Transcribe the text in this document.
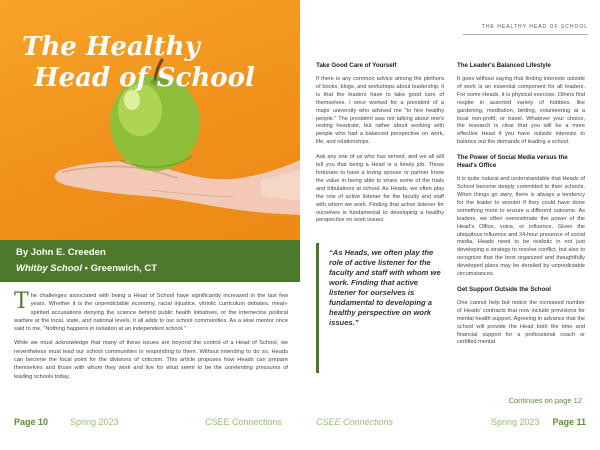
The Healthy
Head of School
By John E. Creeden
Whitby School • Greenwich, CT

The challenges associated with being a Head of School have significantly increased in the last few years. Whether it is the unpredictable economy, racial injustice, vitriolic curriculum debates, mean-spirited accusations denying the science behind public health initiatives, or the intemecine political warfare at the local, state, and national levels, it all adds to our school communities. As a wise mentor once said to me, "Nothing happens in isolation at an independent school."

While we must acknowledge that many of these issues are beyond the control of a Head of School, we nevertheless must lead our school communities in responding to them. Without intending to do so, Heads can become the focal point for the divisions of criticism. This article proposes how Heads can prepare themselves and those with whom they work and live for what seem to be the unrelenting pressures of leading schools today.

Page 10 Spring 2023	CSEE Connections
THE HEALTHY HEAD OF SCHOOL
Take Good Care of Yourself

If there is any common advice among the plethora of books, blogs, and workshops about leadership, it is that the leaders have to take good care of themselves. I once worked for a president of a major university who advised me "to hire healthy people." The president was not talking about one's resting heartrate, but rather about working with people who had a balanced perspective on work, life, and relationships.

Ask any one of us who has served, and we all will tell you that being a Head is a lonely job. Those fortunate to have a loving spouse or partner know the value in being able to share some of the trials and tribulations at school. As Heads, we often play the role of active listener for the faculty and staff with whom we work. Finding that active listener for ourselves is fundamental to developing a healthy perspective on work issues.

“As Heads, we often play the role of active listener for the faculty and staff with whom we work. Finding that active listener for ourselves is fundamental to developing a healthy perspective on work issues.”
The Leader's Balanced Lifestyle

It goes without saying that finding interests outside of work is an essential component for all leaders. For some Heads, it is physical exercise. Others find respite in assorted variety of hobbies, like gardening, meditation, birding, volunteering at a local non-profit, or travel. Whatever your choice, the research is clear that you will be a more effective Head if you have outside interests to balance out the demands of leading a school.

The Power of Social Media versus the Head's Office

It is quite natural and understandable that Heads of School become deeply committed to their schools. When things go awry, there is always a tendency for the leader to wonder if they could have done something more to ensure a different outcome. As leaders, we often overestimate the power of the Head's Office, voice, or influence. Given the ubiquitous influence and 24-hour presence of social media, Heads need to be realistic in not just developing a strategy to resolve conflict, but also to recognize that the best organized and thoughtfully developed plans may be derailed by unpredictable circumstances.

Get Support Outside the School

One cannot help but notice the increased number of Heads' contracts that now include provisions for mental health support. Agreeing in advance that the school will provide the Head both the time and financial support for a professional coach or certified mental

Continues on page 12
CSEE Connections	Spring 2023 Page 11
